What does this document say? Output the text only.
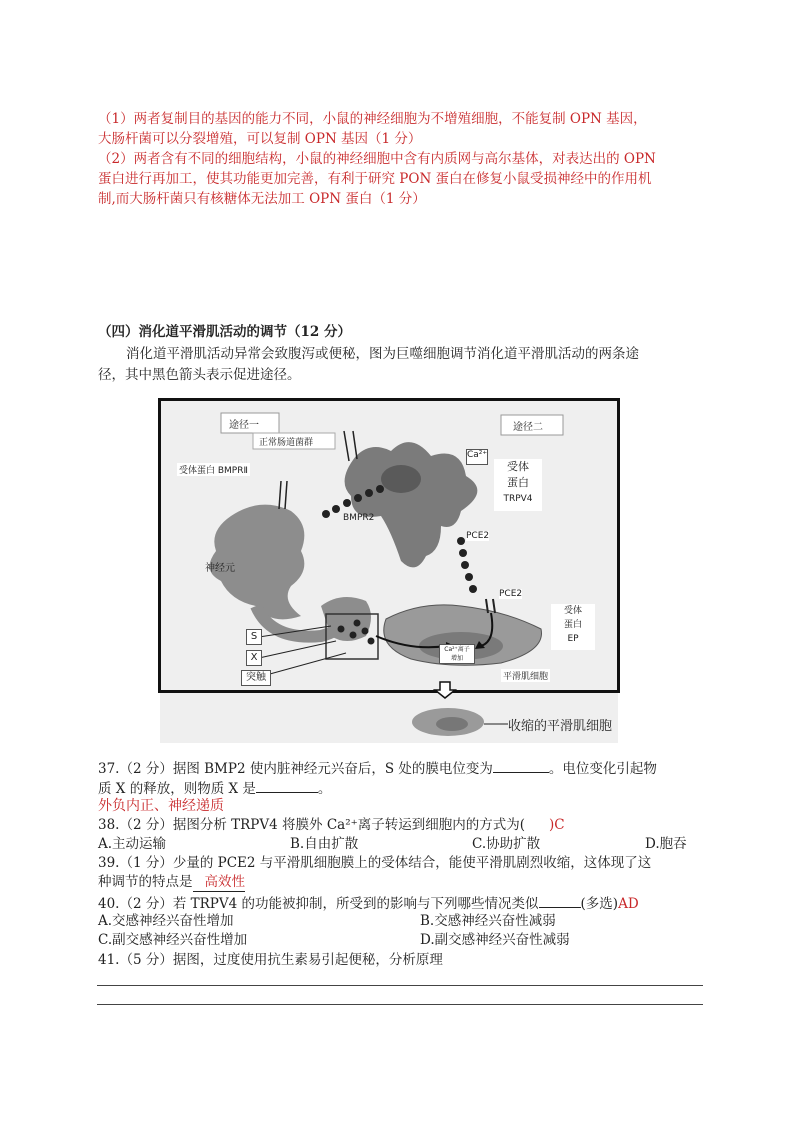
（1）两者复制目的基因的能力不同，小鼠的神经细胞为不增殖细胞，不能复制 OPN 基因，
大肠杆菌可以分裂增殖，可以复制 OPN 基因（1 分）
（2）两者含有不同的细胞结构，小鼠的神经细胞中含有内质网与高尔基体，对表达出的 OPN
蛋白进行再加工，使其功能更加完善，有利于研究 PON 蛋白在修复小鼠受损神经中的作用机
制,而大肠杆菌只有核糖体无法加工 OPN 蛋白（1 分）
（四）消化道平滑肌活动的调节（12 分）
消化道平滑肌活动异常会致腹泻或便秘，图为巨噬细胞调节消化道平滑肌活动的两条途
径，其中黑色箭头表示促进途径。
途径一	途径二
正常肠道菌群
受体蛋白 BMPRⅡ
BMPR2
Ca²⁺
受体
蛋白
TRPV4
PCE2
PCE2
神经元
受体
蛋白
EP
S
X
突触
Ca²⁺离子
增加
平滑肌细胞
收缩的平滑肌细胞
37.（2 分）据图 BMP2 使内脏神经元兴奋后，S 处的膜电位变为	。电位变化引起物
质 X 的释放，则物质 X 是	。
外负内正、神经递质
38.（2 分）据图分析 TRPV4 将膜外 Ca²⁺离子转运到细胞内的方式为( )C
A.主动运输	B.自由扩散	C.协助扩散	D.胞吞
39.（1 分）少量的 PCE2 与平滑肌细胞膜上的受体结合，能使平滑肌剧烈收缩，这体现了这
种调节的特点是 高效性
40.（2 分）若 TRPV4 的功能被抑制，所受到的影响与下列哪些情况类似	(多选)AD
A.交感神经兴奋性增加	B.交感神经兴奋性减弱
C.副交感神经兴奋性增加	D.副交感神经兴奋性减弱
41.（5 分）据图，过度使用抗生素易引起便秘，分析原理
